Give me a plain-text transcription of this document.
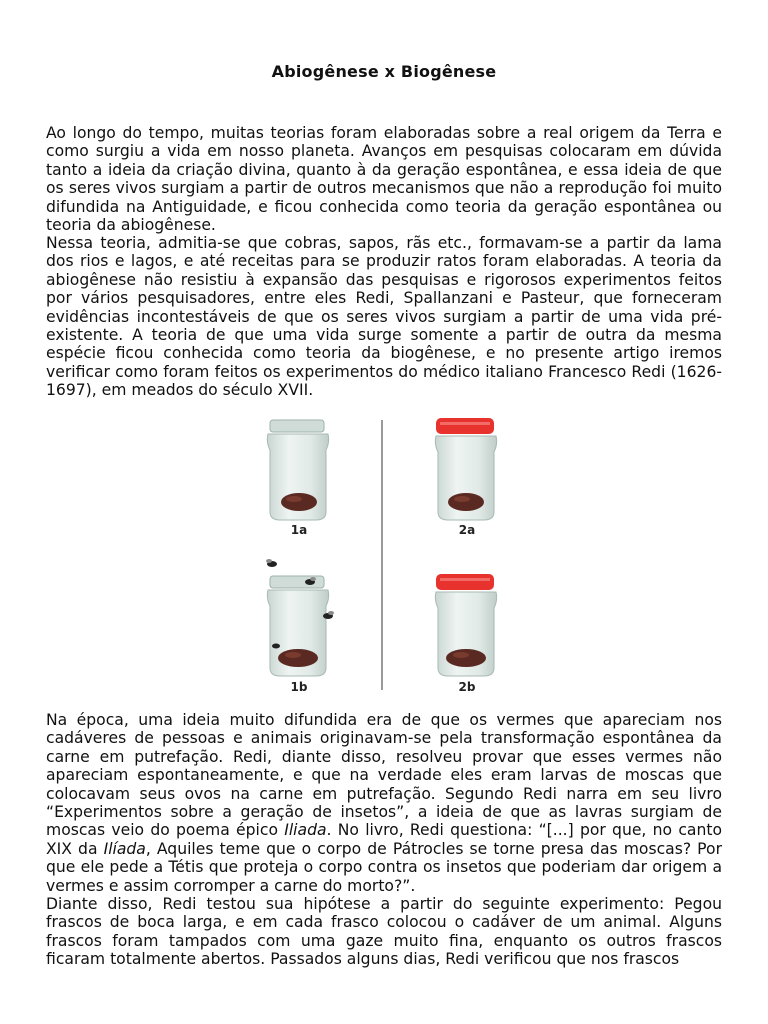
Abiogênese x Biogênese

Ao longo do tempo, muitas teorias foram elaboradas sobre a real origem da Terra e como surgiu a vida em nosso planeta. Avanços em pesquisas colocaram em dúvida tanto a ideia da criação divina, quanto à da geração espontânea, e essa ideia de que os seres vivos surgiam a partir de outros mecanismos que não a reprodução foi muito difundida na Antiguidade, e ficou conhecida como teoria da geração espontânea ou teoria da abiogênese.

Nessa teoria, admitia-se que cobras, sapos, rãs etc., formavam-se a partir da lama dos rios e lagos, e até receitas para se produzir ratos foram elaboradas. A teoria da abiogênese não resistiu à expansão das pesquisas e rigorosos experimentos feitos por vários pesquisadores, entre eles Redi, Spallanzani e Pasteur, que forneceram evidências incontestáveis de que os seres vivos surgiam a partir de uma vida pré-existente. A teoria de que uma vida surge somente a partir de outra da mesma espécie ficou conhecida como teoria da biogênese, e no presente artigo iremos verificar como foram feitos os experimentos do médico italiano Francesco Redi (1626- 1697), em meados do século XVII.

1a	2a
1b	2b

Na época, uma ideia muito difundida era de que os vermes que apareciam nos cadáveres de pessoas e animais originavam-se pela transformação espontânea da carne em putrefação. Redi, diante disso, resolveu provar que esses vermes não apareciam espontaneamente, e que na verdade eles eram larvas de moscas que colocavam seus ovos na carne em putrefação. Segundo Redi narra em seu livro “Experimentos sobre a geração de insetos”, a ideia de que as lavras surgiam de moscas veio do poema épico Iliada. No livro, Redi questiona: “[...] por que, no canto XIX da Ilíada, Aquiles teme que o corpo de Pátrocles se torne presa das moscas? Por que ele pede a Tétis que proteja o corpo contra os insetos que poderiam dar origem a vermes e assim corromper a carne do morto?”.

Diante disso, Redi testou sua hipótese a partir do seguinte experimento: Pegou frascos de boca larga, e em cada frasco colocou o cadáver de um animal. Alguns frascos foram tampados com uma gaze muito fina, enquanto os outros frascos ficaram totalmente abertos. Passados alguns dias, Redi verificou que nos frascos
